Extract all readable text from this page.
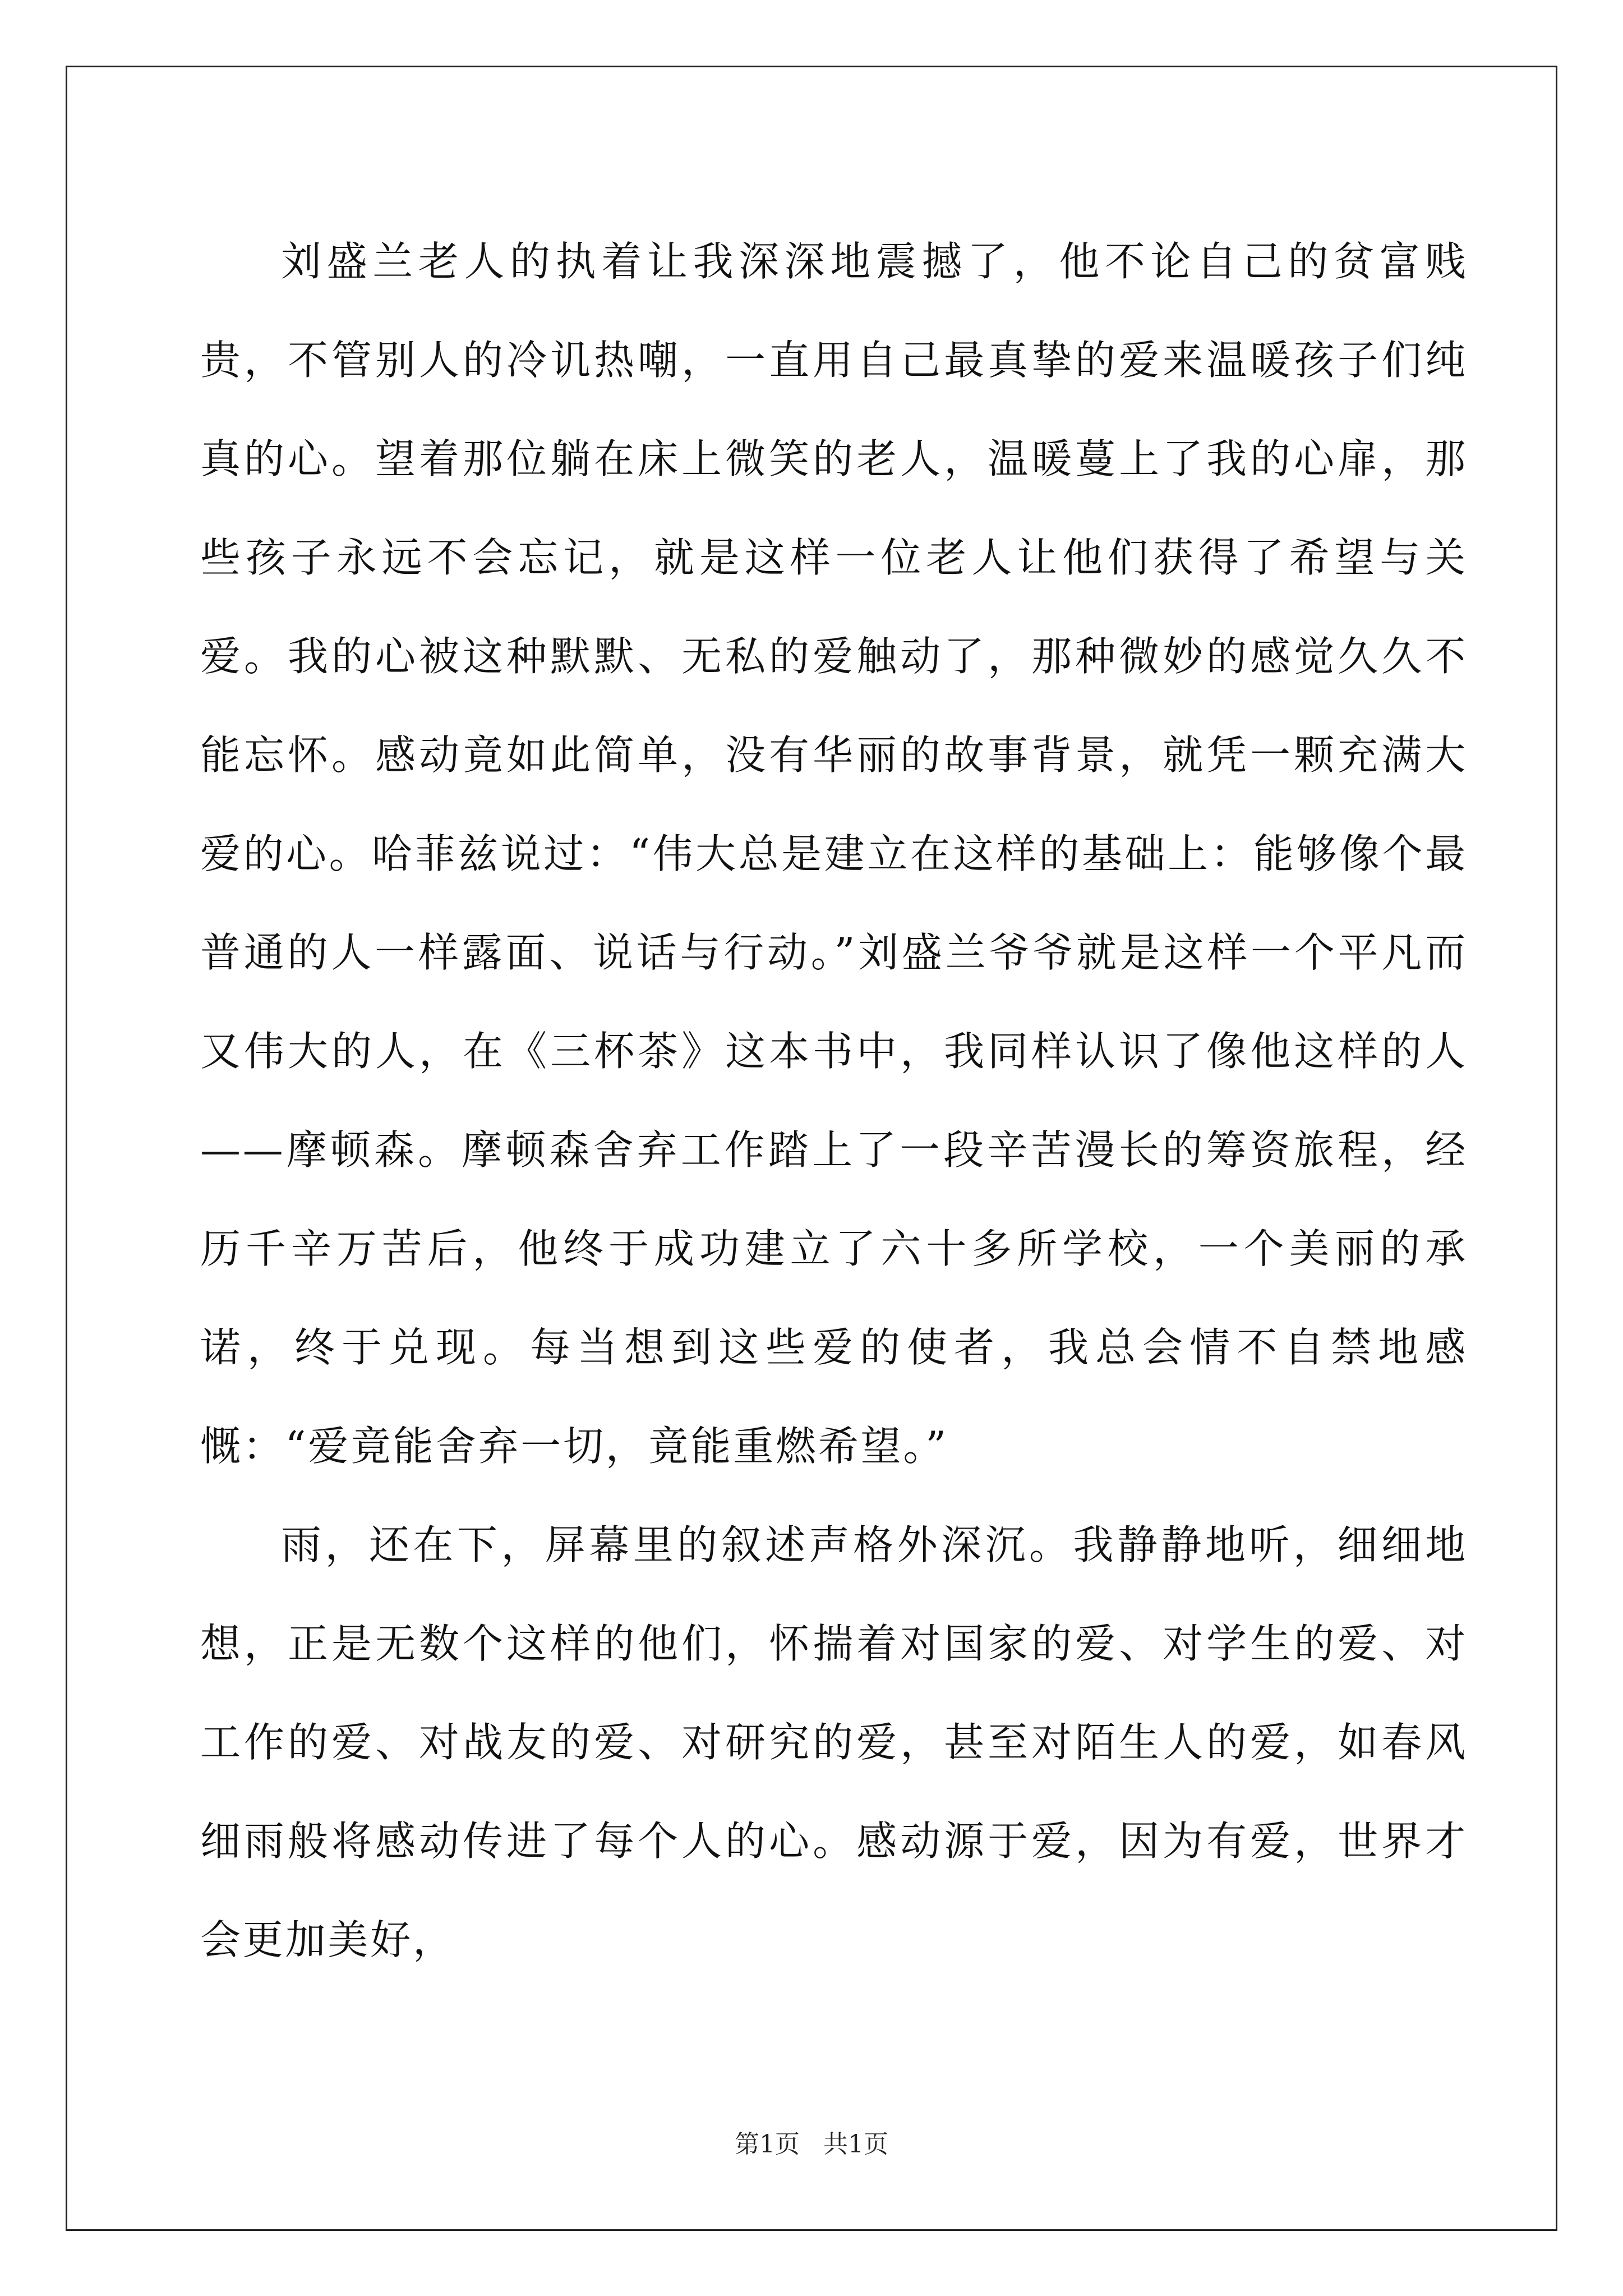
刘盛兰老人的执着让我深深地震撼了，他不论自己的贫富贱贵，不管别人的冷讥热嘲，一直用自己最真挚的爱来温暖孩子们纯真的心。望着那位躺在床上微笑的老人，温暖蔓上了我的心扉，那些孩子永远不会忘记，就是这样一位老人让他们获得了希望与关爱。我的心被这种默默、无私的爱触动了，那种微妙的感觉久久不能忘怀。感动竟如此简单，没有华丽的故事背景，就凭一颗充满大爱的心。哈菲兹说过：“伟大总是建立在这样的基础上：能够像个最普通的人一样露面、说话与行动。”刘盛兰爷爷就是这样一个平凡而又伟大的人，在《三杯茶》这本书中，我同样认识了像他这样的人——摩顿森。摩顿森舍弃工作踏上了一段辛苦漫长的筹资旅程，经历千辛万苦后，他终于成功建立了六十多所学校，一个美丽的承诺，终于兑现。每当想到这些爱的使者，我总会情不自禁地感慨：“爱竟能舍弃一切，竟能重燃希望。”

雨，还在下，屏幕里的叙述声格外深沉。我静静地听，细细地想，正是无数个这样的他们，怀揣着对国家的爱、对学生的爱、对工作的爱、对战友的爱、对研究的爱，甚至对陌生人的爱，如春风细雨般将感动传进了每个人的心。感动源于爱，因为有爱，世界才会更加美好，

第1页   共1页
